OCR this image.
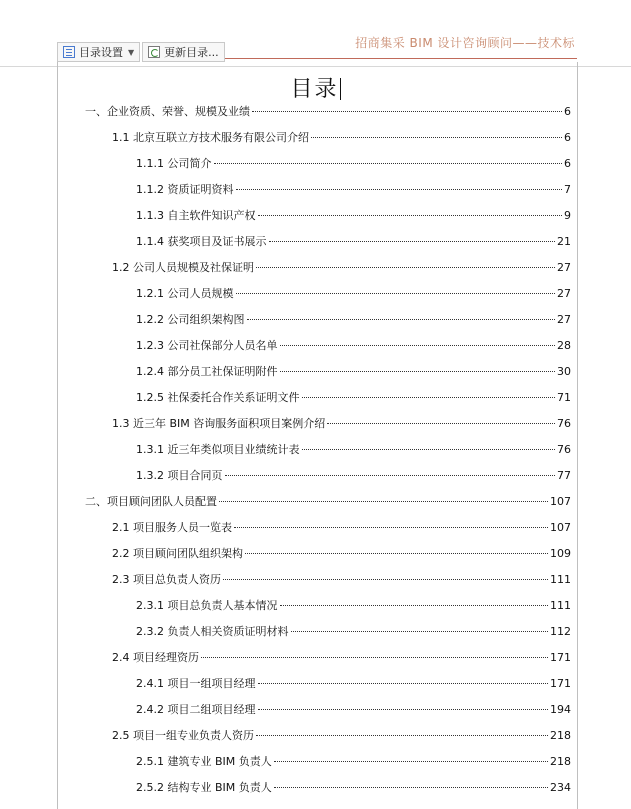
招商集采 BIM 设计咨询顾问——技术标
目录设置 ▼	更新目录...
目录
一、企业资质、荣誉、规模及业绩	6
1.1 北京互联立方技术服务有限公司介绍	6
1.1.1 公司简介	6
1.1.2 资质证明资料	7
1.1.3 自主软件知识产权	9
1.1.4 获奖项目及证书展示	21
1.2 公司人员规模及社保证明	27
1.2.1 公司人员规模	27
1.2.2 公司组织架构图	27
1.2.3 公司社保部分人员名单	28
1.2.4 部分员工社保证明附件	30
1.2.5 社保委托合作关系证明文件	71
1.3 近三年 BIM 咨询服务面积项目案例介绍	76
1.3.1 近三年类似项目业绩统计表	76
1.3.2 项目合同页	77
二、项目顾问团队人员配置	107
2.1 项目服务人员一览表	107
2.2 项目顾问团队组织架构	109
2.3 项目总负责人资历	111
2.3.1 项目总负责人基本情况	111
2.3.2 负责人相关资质证明材料	112
2.4 项目经理资历	171
2.4.1 项目一组项目经理	171
2.4.2 项目二组项目经理	194
2.5 项目一组专业负责人资历	218
2.5.1 建筑专业 BIM 负责人	218
2.5.2 结构专业 BIM 负责人	234
